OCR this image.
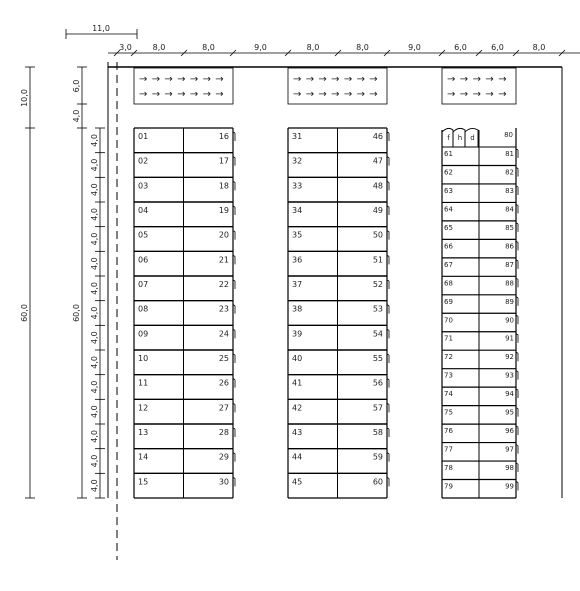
11,0
3,0	8,0	8,0	9,0	8,0	8,0	9,0	6,0	6,0	8,0
10,0
60,0
6,0
4,0
60,0
4,0
4,0
4,0
4,0
4,0
4,0
4,0
4,0
4,0
4,0
4,0
4,0
4,0
4,0
4,0
→ → → → → → →
→ → → → → → →
→ → → → → → →
→ → → → → → →
→ → → → →
→ → → → →
01	16
02	17
03	18
04	19
05	20
06	21
07	22
08	23
09	24
10	25
11	26
12	27
13	28
14	29
15	30
31	46
32	47
33	48
34	49
35	50
36	51
37	52
38	53
39	54
40	55
41	56
42	57
43	58
44	59
45	60
f h d	80
61	81
62	82
63	83
64	84
65	85
66	86
67	87
68	88
69	89
70	90
71	91
72	92
73	93
74	94
75	95
76	96
77	97
78	98
79	99
